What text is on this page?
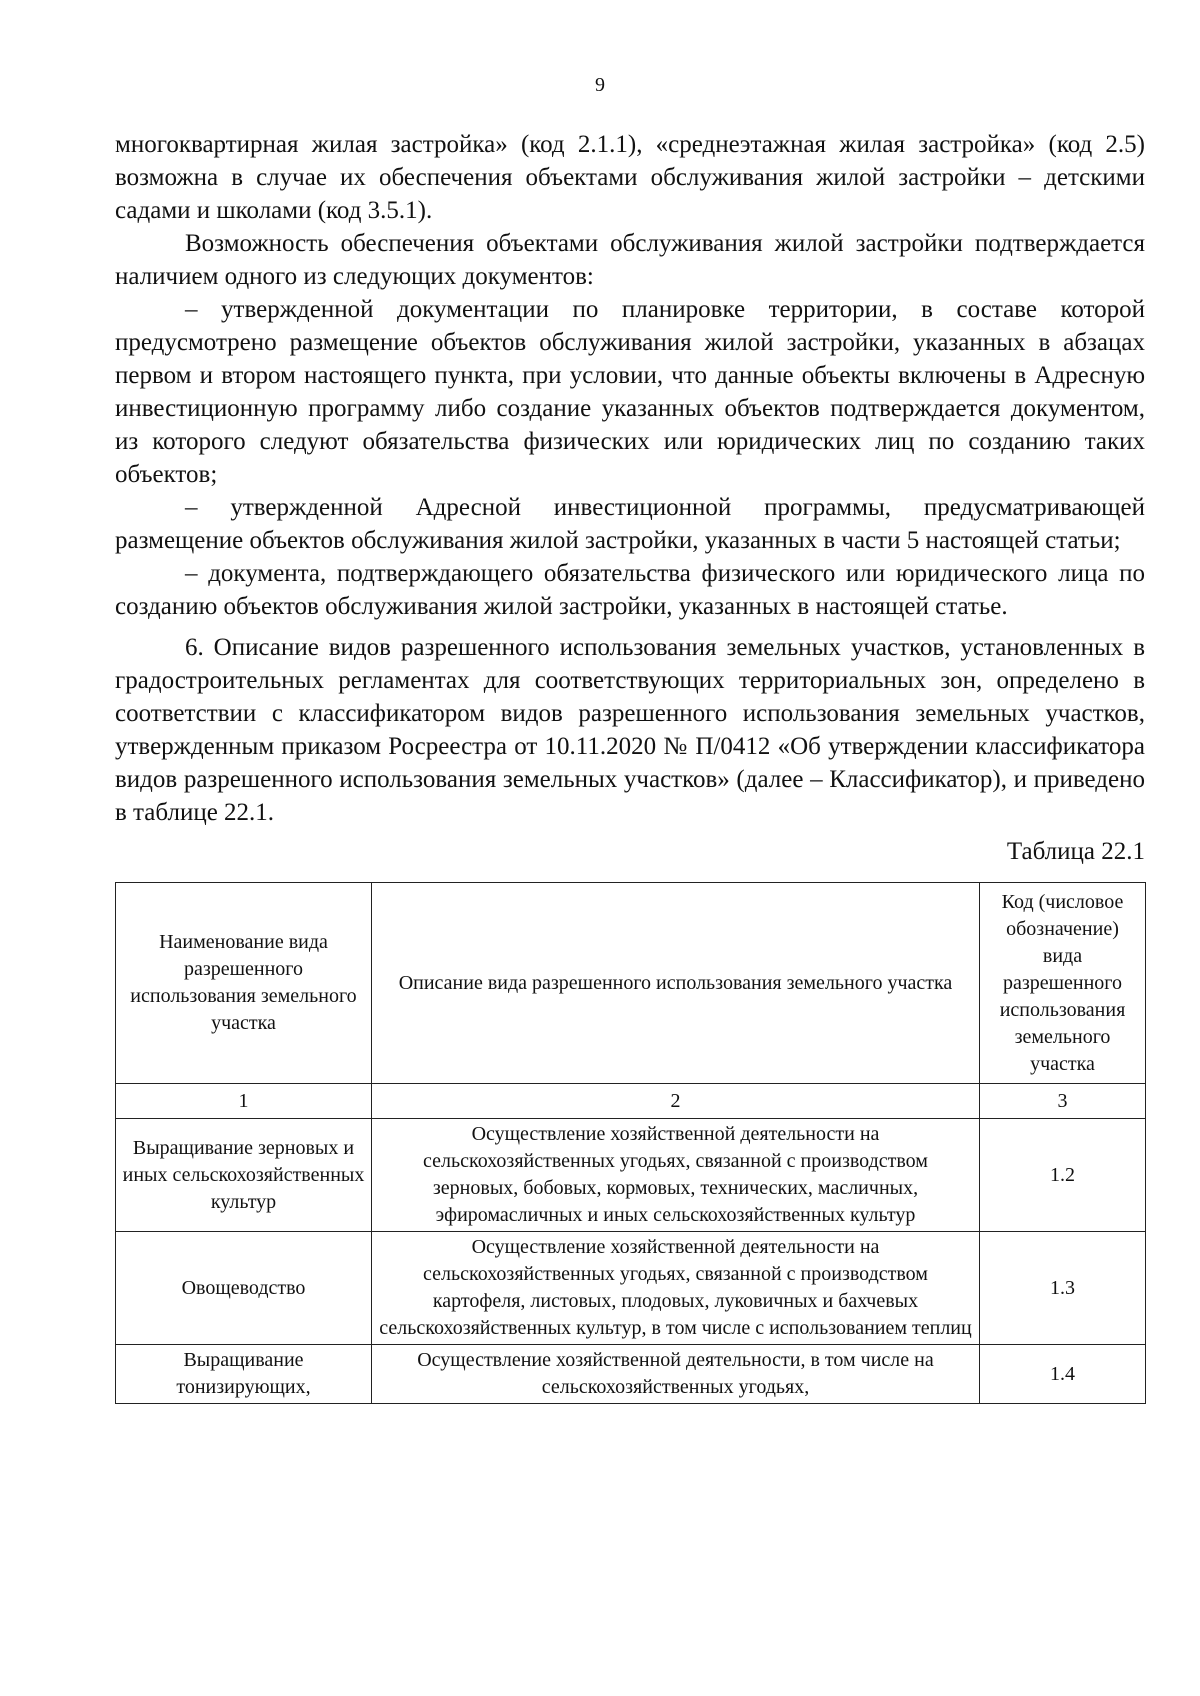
9

многоквартирная жилая застройка» (код 2.1.1), «среднеэтажная жилая застройка» (код 2.5) возможна в случае их обеспечения объектами обслуживания жилой застройки – детскими садами и школами (код 3.5.1).

Возможность обеспечения объектами обслуживания жилой застройки подтверждается наличием одного из следующих документов:

– утвержденной документации по планировке территории, в составе которой предусмотрено размещение объектов обслуживания жилой застройки, указанных в абзацах первом и втором настоящего пункта, при условии, что данные объекты включены в Адресную инвестиционную программу либо создание указанных объектов подтверждается документом, из которого следуют обязательства физических или юридических лиц по созданию таких объектов;

– утвержденной Адресной инвестиционной программы, предусматривающей размещение объектов обслуживания жилой застройки, указанных в части 5 настоящей статьи;

– документа, подтверждающего обязательства физического или юридического лица по созданию объектов обслуживания жилой застройки, указанных в настоящей статье.

6. Описание видов разрешенного использования земельных участков, установленных в градостроительных регламентах для соответствующих территориальных зон, определено в соответствии с классификатором видов разрешенного использования земельных участков, утвержденным приказом Росреестра от 10.11.2020 № П/0412 «Об утверждении классификатора видов разрешенного использования земельных участков» (далее – Классификатор), и приведено в таблице 22.1.

Таблица 22.1
Наименование вида разрешенного использования земельного участка	Описание вида разрешенного использования земельного участка	Код (числовое обозначение) вида разрешенного использования земельного участка
1	2	3
Выращивание зерновых и иных сельскохозяйственных культур	Осуществление хозяйственной деятельности на сельскохозяйственных угодьях, связанной с производством зерновых, бобовых, кормовых, технических, масличных, эфиромасличных и иных сельскохозяйственных культур	1.2
Овощеводство	Осуществление хозяйственной деятельности на сельскохозяйственных угодьях, связанной с производством картофеля, листовых, плодовых, луковичных и бахчевых сельскохозяйственных культур, в том числе с использованием теплиц	1.3
Выращивание тонизирующих,	Осуществление хозяйственной деятельности, в том числе на сельскохозяйственных угодьях,	1.4
